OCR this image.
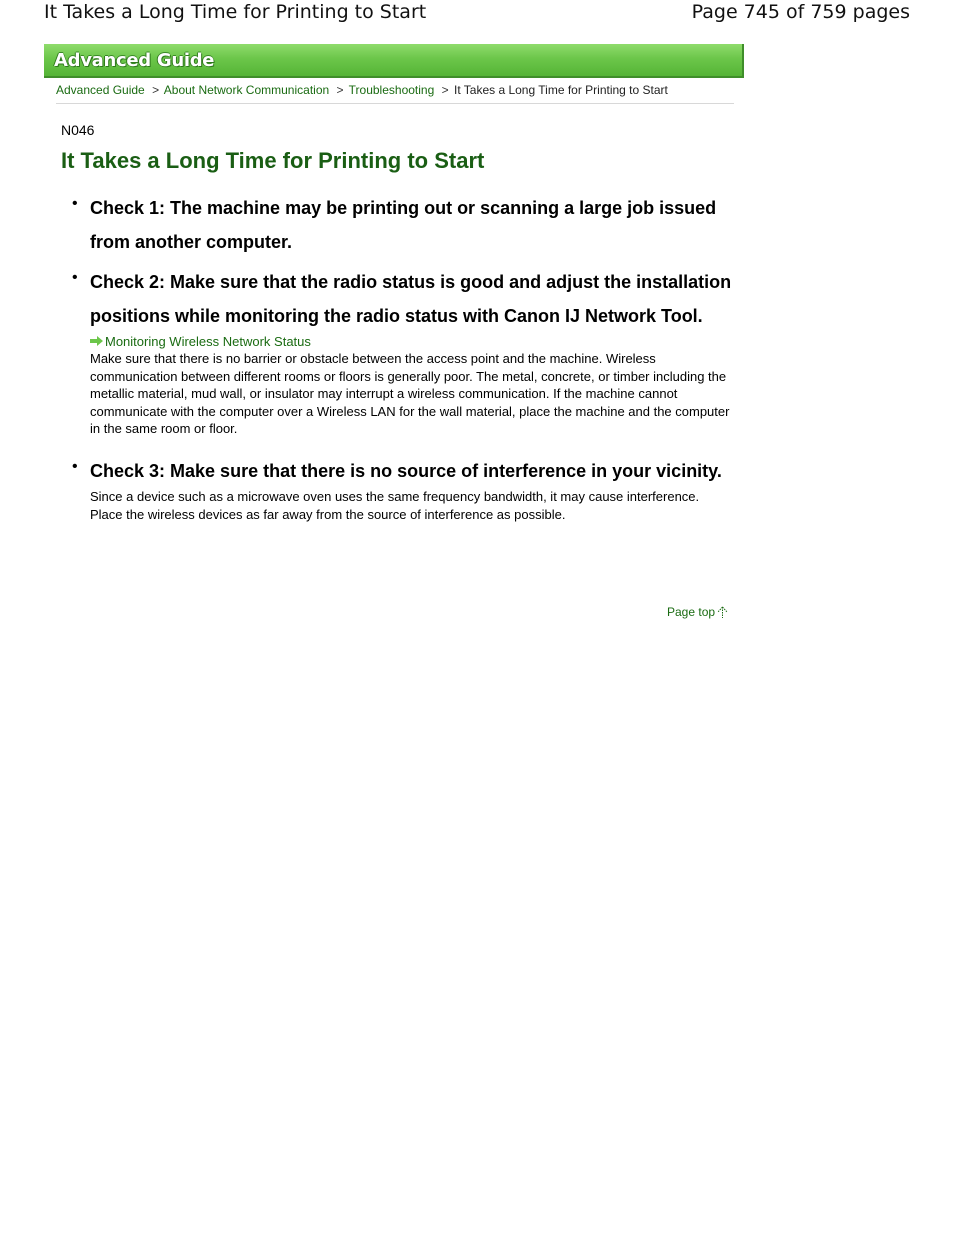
It Takes a Long Time for Printing to Start	Page 745 of 759 pages
Advanced Guide
Advanced Guide > About Network Communication > Troubleshooting > It Takes a Long Time for Printing to Start
N046
It Takes a Long Time for Printing to Start
• Check 1: The machine may be printing out or scanning a large job issued from another computer.
• Check 2: Make sure that the radio status is good and adjust the installation positions while monitoring the radio status with Canon IJ Network Tool.
Monitoring Wireless Network Status

Make sure that there is no barrier or obstacle between the access point and the machine. Wireless communication between different rooms or floors is generally poor. The metal, concrete, or timber including the metallic material, mud wall, or insulator may interrupt a wireless communication. If the machine cannot communicate with the computer over a Wireless LAN for the wall material, place the machine and the computer in the same room or floor.

• Check 3: Make sure that there is no source of interference in your vicinity.

Since a device such as a microwave oven uses the same frequency bandwidth, it may cause interference. Place the wireless devices as far away from the source of interference as possible.

Page top
